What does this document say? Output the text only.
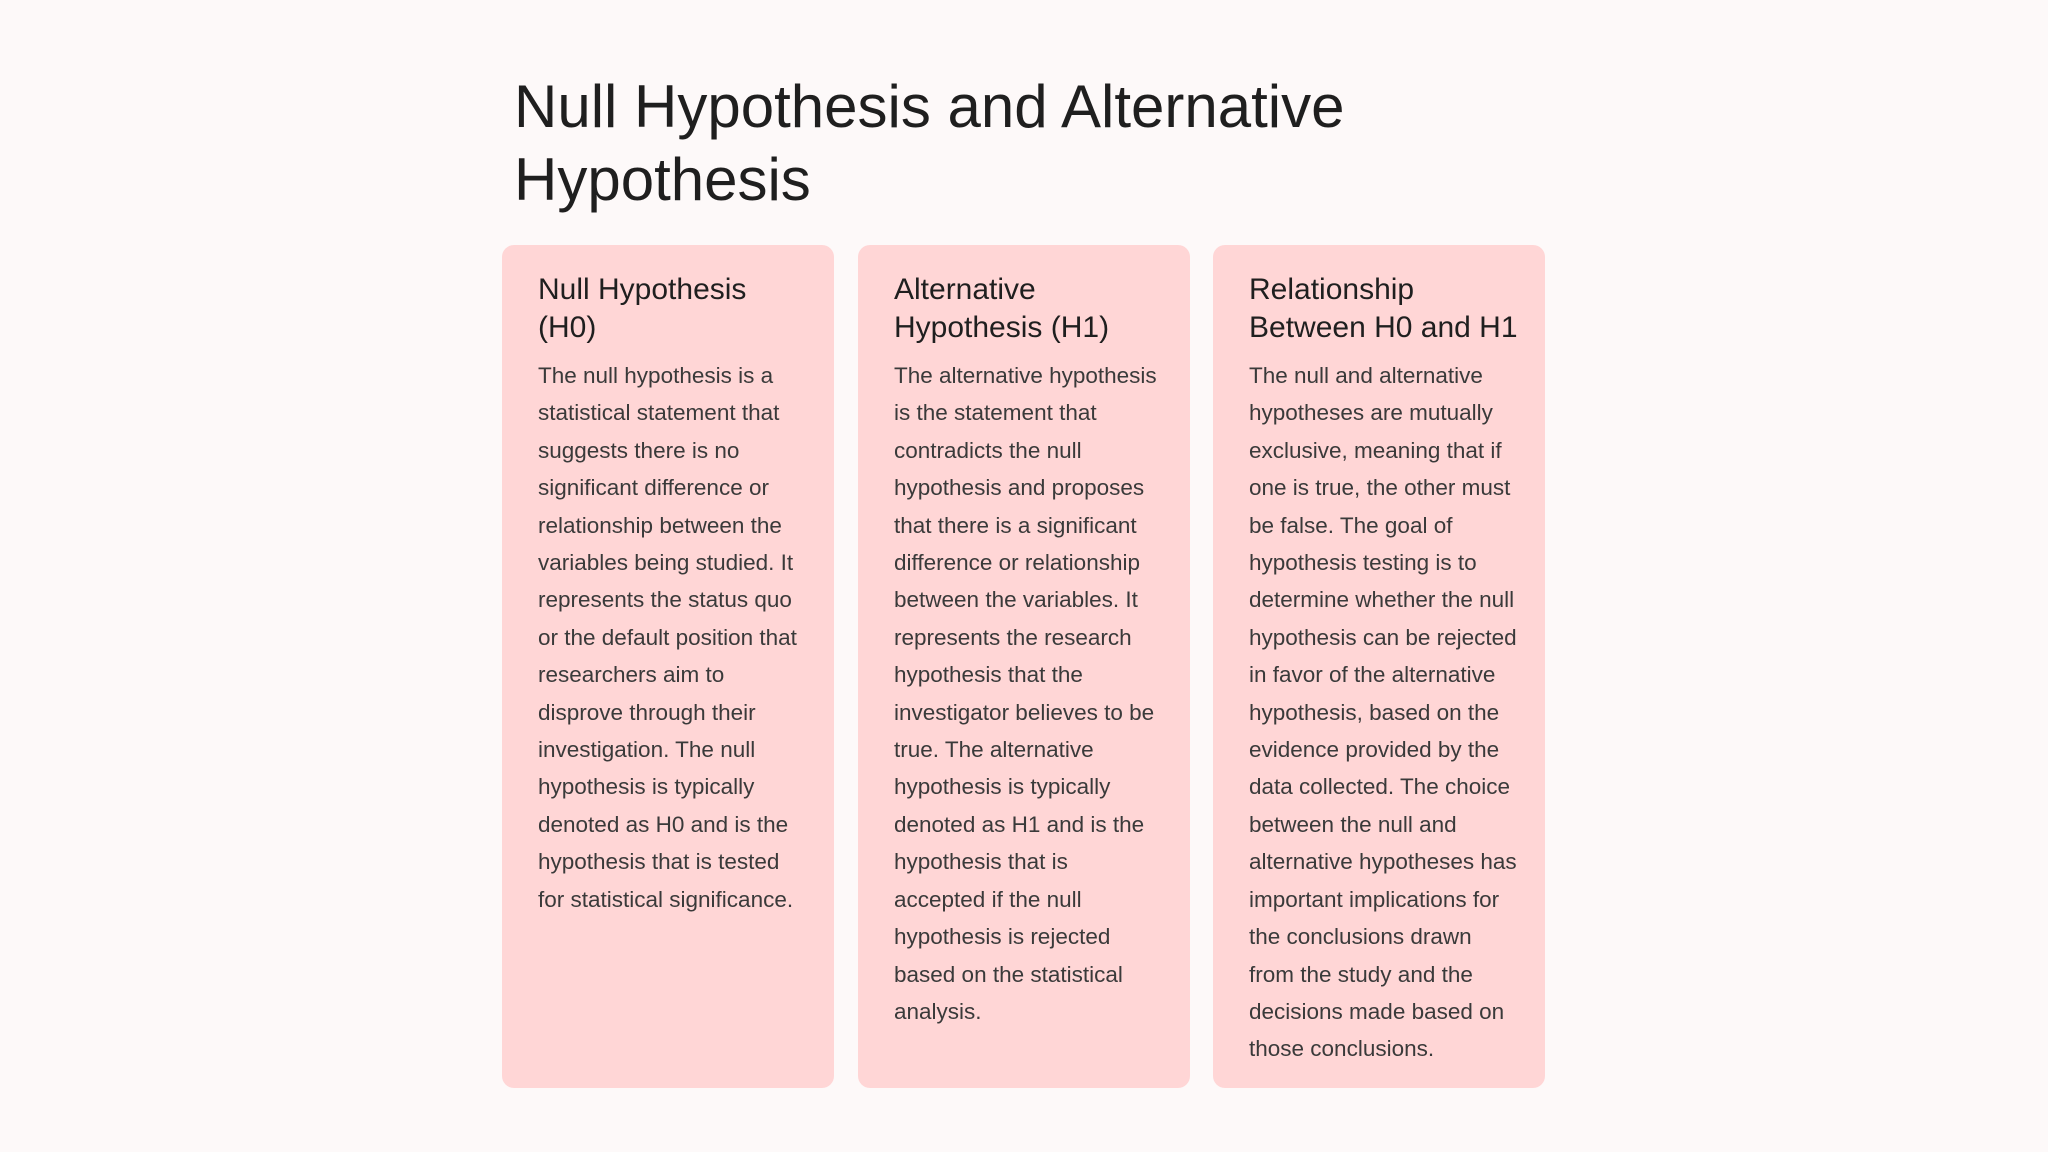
Null Hypothesis and Alternative Hypothesis
Null Hypothesis (H0)

The null hypothesis is a statistical statement that suggests there is no significant difference or relationship between the variables being studied. It represents the status quo or the default position that researchers aim to disprove through their investigation. The null hypothesis is typically denoted as H0 and is the hypothesis that is tested for statistical significance.

Alternative Hypothesis (H1)

The alternative hypothesis is the statement that contradicts the null hypothesis and proposes that there is a significant difference or relationship between the variables. It represents the research hypothesis that the investigator believes to be true. The alternative hypothesis is typically denoted as H1 and is the hypothesis that is accepted if the null hypothesis is rejected based on the statistical analysis.

Relationship Between H0 and H1

The null and alternative hypotheses are mutually exclusive, meaning that if one is true, the other must be false. The goal of hypothesis testing is to determine whether the null hypothesis can be rejected in favor of the alternative hypothesis, based on the evidence provided by the data collected. The choice between the null and alternative hypotheses has important implications for the conclusions drawn from the study and the decisions made based on those conclusions.
